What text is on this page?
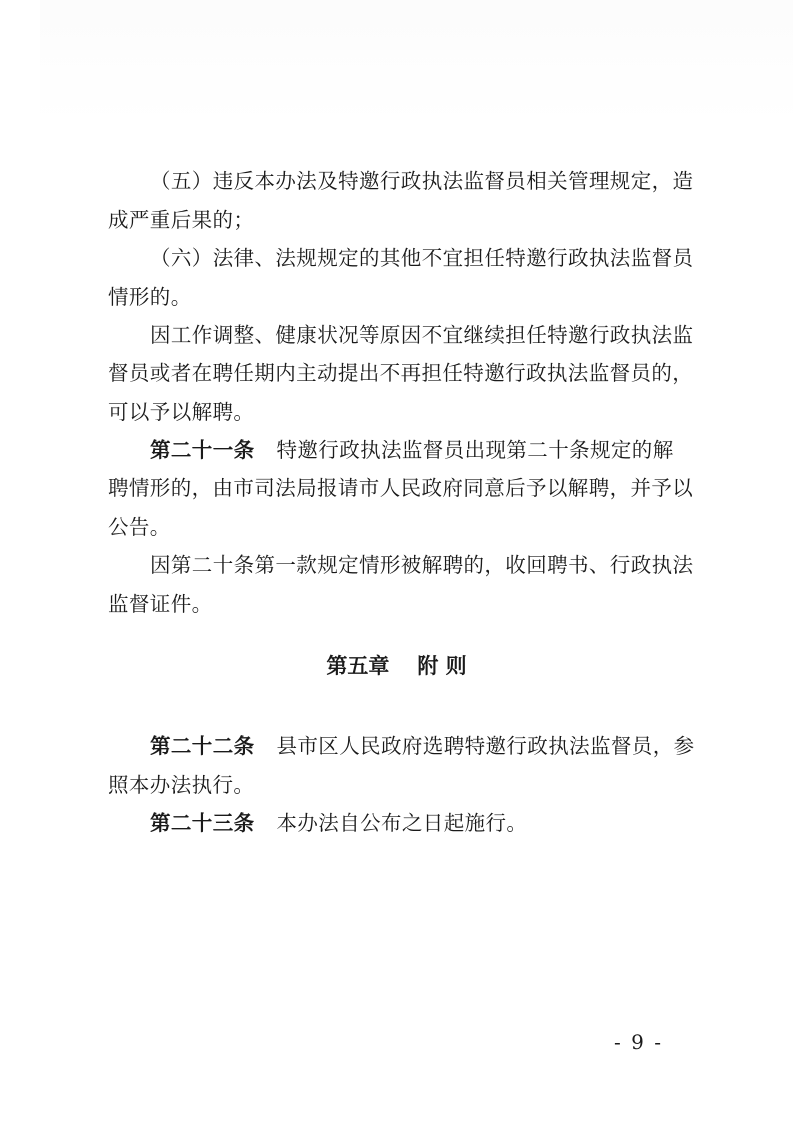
（五）违反本办法及特邀行政执法监督员相关管理规定，造
成严重后果的；
（六）法律、法规规定的其他不宜担任特邀行政执法监督员
情形的。
因工作调整、健康状况等原因不宜继续担任特邀行政执法监
督员或者在聘任期内主动提出不再担任特邀行政执法监督员的，
可以予以解聘。
第二十一条 特邀行政执法监督员出现第二十条规定的解
聘情形的，由市司法局报请市人民政府同意后予以解聘，并予以
公告。
因第二十条第一款规定情形被解聘的，收回聘书、行政执法
监督证件。
第五章 附 则
第二十二条 县市区人民政府选聘特邀行政执法监督员，参
照本办法执行。
第二十三条 本办法自公布之日起施行。
- 9 -
